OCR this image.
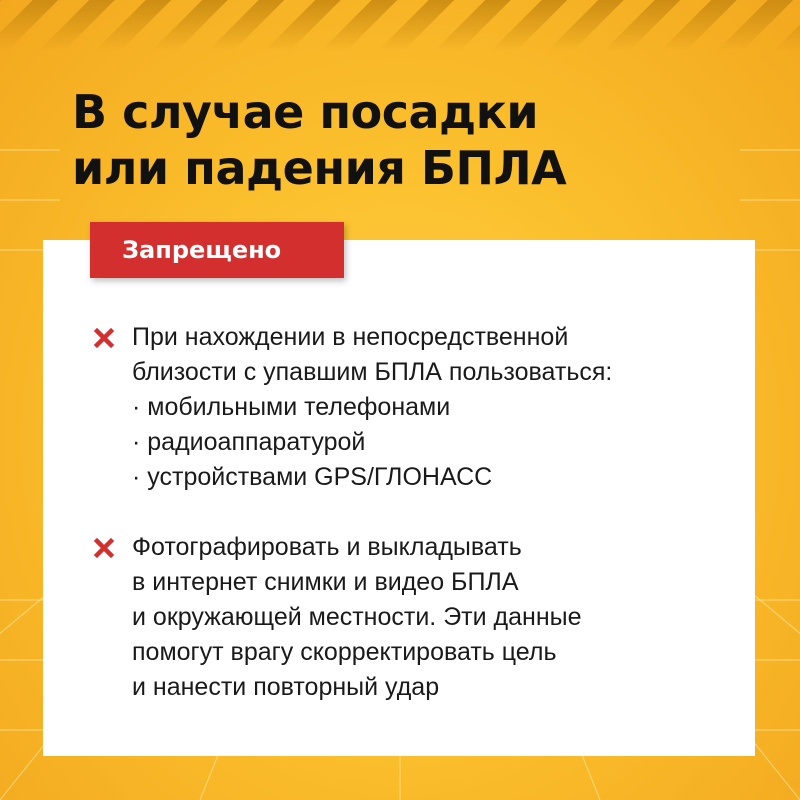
В случае посадки
или падения БПЛА
Запрещено
При нахождении в непосредственной
близости с упавшим БПЛА пользоваться:
· мобильными телефонами
· радиоаппаратурой
· устройствами GPS/ГЛОНАСС
Фотографировать и выкладывать
в интернет снимки и видео БПЛА
и окружающей местности. Эти данные
помогут врагу скорректировать цель
и нанести повторный удар
